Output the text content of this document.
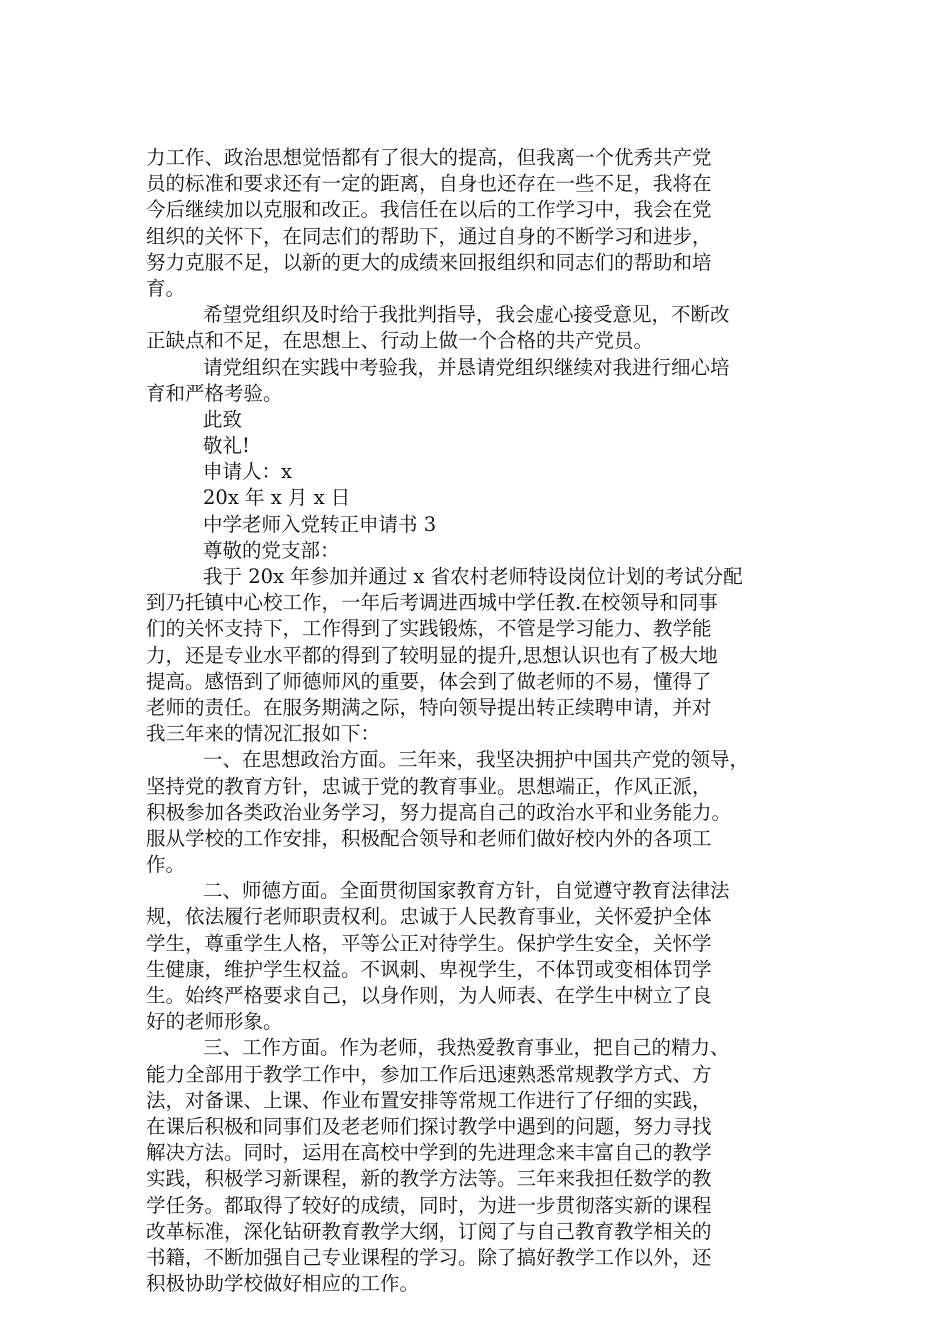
力工作、政治思想觉悟都有了很大的提高，但我离一个优秀共产党
员的标准和要求还有一定的距离，自身也还存在一些不足，我将在
今后继续加以克服和改正。我信任在以后的工作学习中，我会在党
组织的关怀下，在同志们的帮助下，通过自身的不断学习和进步，
努力克服不足，以新的更大的成绩来回报组织和同志们的帮助和培
育。
希望党组织及时给于我批判指导，我会虚心接受意见，不断改
正缺点和不足，在思想上、行动上做一个合格的共产党员。
请党组织在实践中考验我，并恳请党组织继续对我进行细心培
育和严格考验。
此致
敬礼!
申请人：x
20x 年 x 月 x 日
中学老师入党转正申请书 3
尊敬的党支部：
我于 20x 年参加并通过 x 省农村老师特设岗位计划的考试分配
到乃托镇中心校工作，一年后考调进西城中学任教.在校领导和同事
们的关怀支持下，工作得到了实践锻炼，不管是学习能力、教学能
力，还是专业水平都的得到了较明显的提升,思想认识也有了极大地
提高。感悟到了师德师风的重要，体会到了做老师的不易，懂得了
老师的责任。在服务期满之际，特向领导提出转正续聘申请，并对
我三年来的情况汇报如下：
一、在思想政治方面。三年来，我坚决拥护中国共产党的领导，
坚持党的教育方针，忠诚于党的教育事业。思想端正，作风正派，
积极参加各类政治业务学习，努力提高自己的政治水平和业务能力。
服从学校的工作安排，积极配合领导和老师们做好校内外的各项工
作。
二、师德方面。全面贯彻国家教育方针，自觉遵守教育法律法
规，依法履行老师职责权利。忠诚于人民教育事业，关怀爱护全体
学生，尊重学生人格，平等公正对待学生。保护学生安全，关怀学
生健康，维护学生权益。不讽刺、卑视学生，不体罚或变相体罚学
生。始终严格要求自己，以身作则，为人师表、在学生中树立了良
好的老师形象。
三、工作方面。作为老师，我热爱教育事业，把自己的精力、
能力全部用于教学工作中，参加工作后迅速熟悉常规教学方式、方
法，对备课、上课、作业布置安排等常规工作进行了仔细的实践，
在课后积极和同事们及老老师们探讨教学中遇到的问题，努力寻找
解决方法。同时，运用在高校中学到的先进理念来丰富自己的教学
实践，积极学习新课程，新的教学方法等。三年来我担任数学的教
学任务。都取得了较好的成绩，同时，为进一步贯彻落实新的课程
改革标准，深化钻研教育教学大纲，订阅了与自己教育教学相关的
书籍，不断加强自己专业课程的学习。除了搞好教学工作以外，还
积极协助学校做好相应的工作。
